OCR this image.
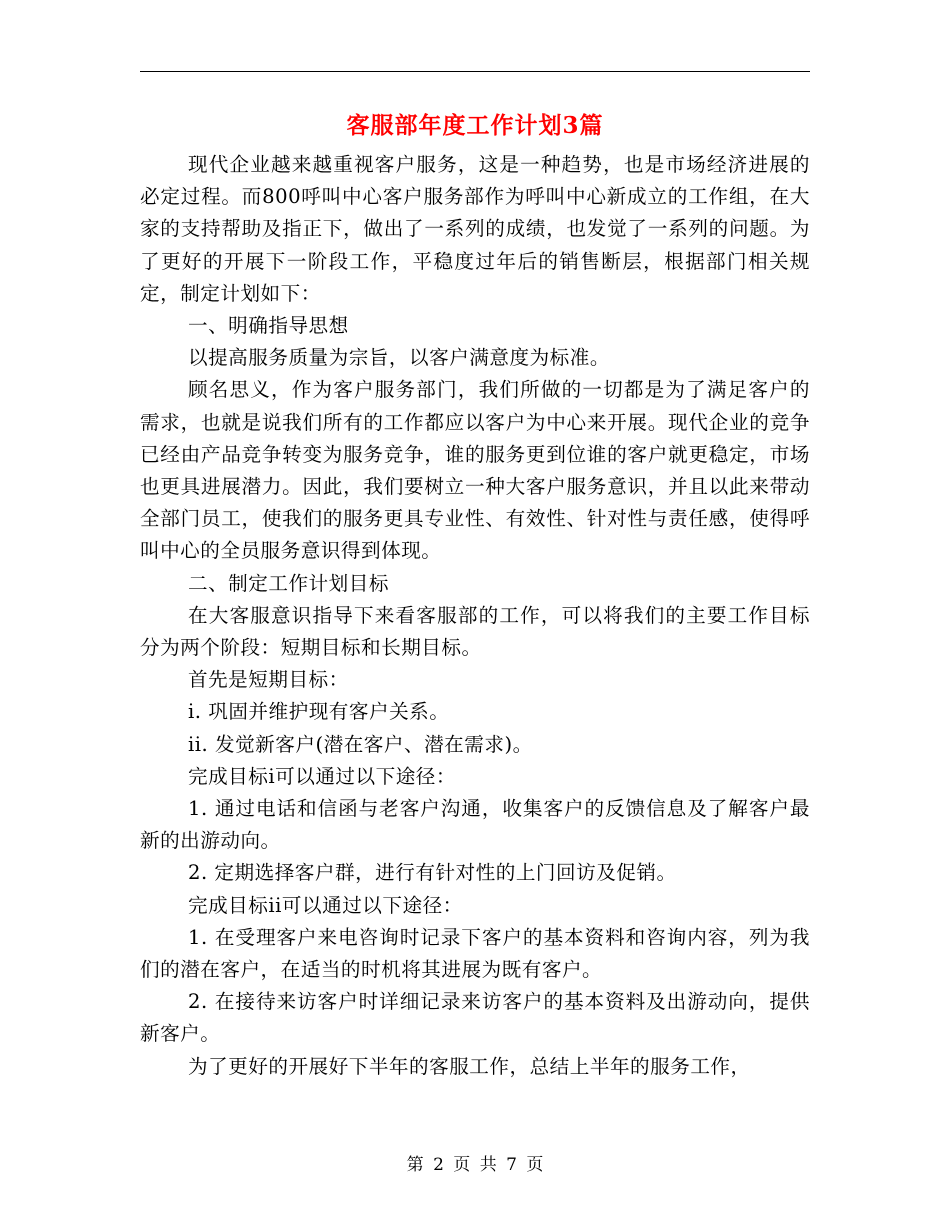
客服部年度工作计划3篇

现代企业越来越重视客户服务，这是一种趋势，也是市场经济进展的必定过程。而800呼叫中心客户服务部作为呼叫中心新成立的工作组，在大家的支持帮助及指正下，做出了一系列的成绩，也发觉了一系列的问题。为了更好的开展下一阶段工作，平稳度过年后的销售断层，根据部门相关规定，制定计划如下：

一、明确指导思想

以提高服务质量为宗旨，以客户满意度为标准。

顾名思义，作为客户服务部门，我们所做的一切都是为了满足客户的需求，也就是说我们所有的工作都应以客户为中心来开展。现代企业的竞争已经由产品竞争转变为服务竞争，谁的服务更到位谁的客户就更稳定，市场也更具进展潜力。因此，我们要树立一种大客户服务意识，并且以此来带动全部门员工，使我们的服务更具专业性、有效性、针对性与责任感，使得呼叫中心的全员服务意识得到体现。

二、制定工作计划目标

在大客服意识指导下来看客服部的工作，可以将我们的主要工作目标分为两个阶段：短期目标和长期目标。

首先是短期目标：

i. 巩固并维护现有客户关系。

ii. 发觉新客户(潜在客户、潜在需求)。

完成目标i可以通过以下途径：

1. 通过电话和信函与老客户沟通，收集客户的反馈信息及了解客户最新的出游动向。

2. 定期选择客户群，进行有针对性的上门回访及促销。

完成目标ii可以通过以下途径：

1. 在受理客户来电咨询时记录下客户的基本资料和咨询内容，列为我们的潜在客户，在适当的时机将其进展为既有客户。

2. 在接待来访客户时详细记录来访客户的基本资料及出游动向，提供新客户。

为了更好的开展好下半年的客服工作，总结上半年的服务工作，

第 2 页 共 7 页
